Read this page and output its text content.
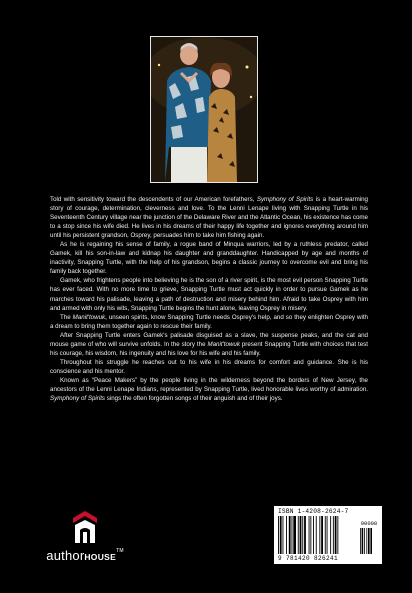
Told with sensitivity toward the descendents of our American forefathers, Symphony of Spirits is a heart-warming story of courage, determination, cleverness and love. To the Lenni Lenape living with Snapping Turtle in his Seventeenth Century village near the junction of the Delaware River and the Atlantic Ocean, his existence has come to a stop since his wife died. He lives in his dreams of their happy life together and ignores everything around him until his persistent grandson, Osprey, persuades him to take him fishing again.

As he is regaining his sense of family, a rogue band of Minqua warriors, led by a ruthless predator, called Gamek, kill his son-in-law and kidnap his daughter and granddaughter. Handicapped by age and months of inactivity, Snapping Turtle, with the help of his grandson, begins a classic journey to overcome evil and bring his family back together.

Gamek, who frightens people into believing he is the son of a river spirit, is the most evil person Snapping Turtle has ever faced. With no more time to grieve, Snapping Turtle must act quickly in order to pursue Gamek as he marches toward his palisade, leaving a path of destruction and misery behind him. Afraid to take Osprey with him and armed with only his wits, Snapping Turtle begins the hunt alone, leaving Osprey in misery.

The Manit'towuk, unseen spirits, know Snapping Turtle needs Osprey's help, and so they enlighten Osprey with a dream to bring them together again to rescue their family.

After Snapping Turtle enters Gamek's palisade disguised as a slave, the suspense peaks, and the cat and mouse game of who will survive unfolds. In the story the Manit'towuk present Snapping Turtle with choices that test his courage, his wisdom, his ingenuity and his love for his wife and his family.

Throughout his struggle he reaches out to his wife in his dreams for comfort and guidance. She is his conscience and his mentor.

Known as “Peace Makers” by the people living in the wilderness beyond the borders of New Jersey, the ancestors of the Lenni Lenape Indians, represented by Snapping Turtle, lived honorable lives worthy of admiration. Symphony of Spirits sings the often forgotten songs of their anguish and of their joys.

authorHOUSE™
ISBN 1-4208-2624-7
90000
9 781420 826241
